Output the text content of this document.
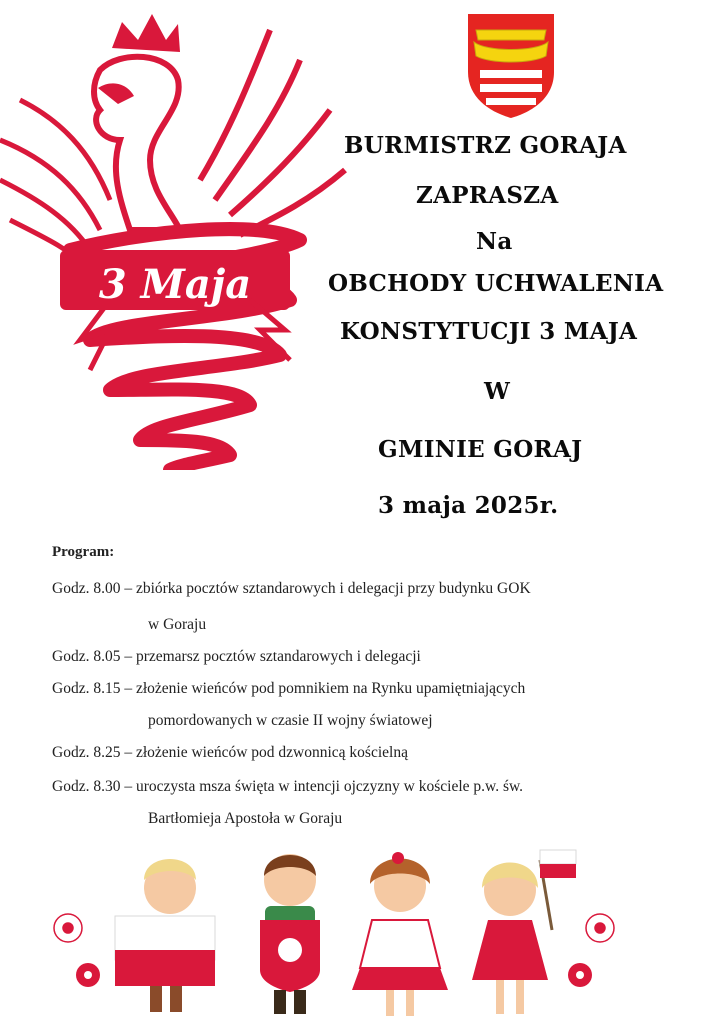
3 Maja
BURMISTRZ GORAJA
ZAPRASZA
Na
OBCHODY UCHWALENIA
KONSTYTUCJI 3 MAJA
W
GMINIE GORAJ
3 maja 2025r.
Program:
Godz. 8.00 – zbiórka pocztów sztandarowych i delegacji przy budynku GOK
w Goraju
Godz. 8.05 – przemarsz pocztów sztandarowych i delegacji
Godz. 8.15 – złożenie wieńców pod pomnikiem na Rynku upamiętniających
pomordowanych w czasie II wojny światowej
Godz. 8.25 – złożenie wieńców pod dzwonnicą kościelną
Godz. 8.30 – uroczysta msza święta w intencji ojczyzny w kościele p.w. św.
Bartłomieja Apostoła w Goraju
